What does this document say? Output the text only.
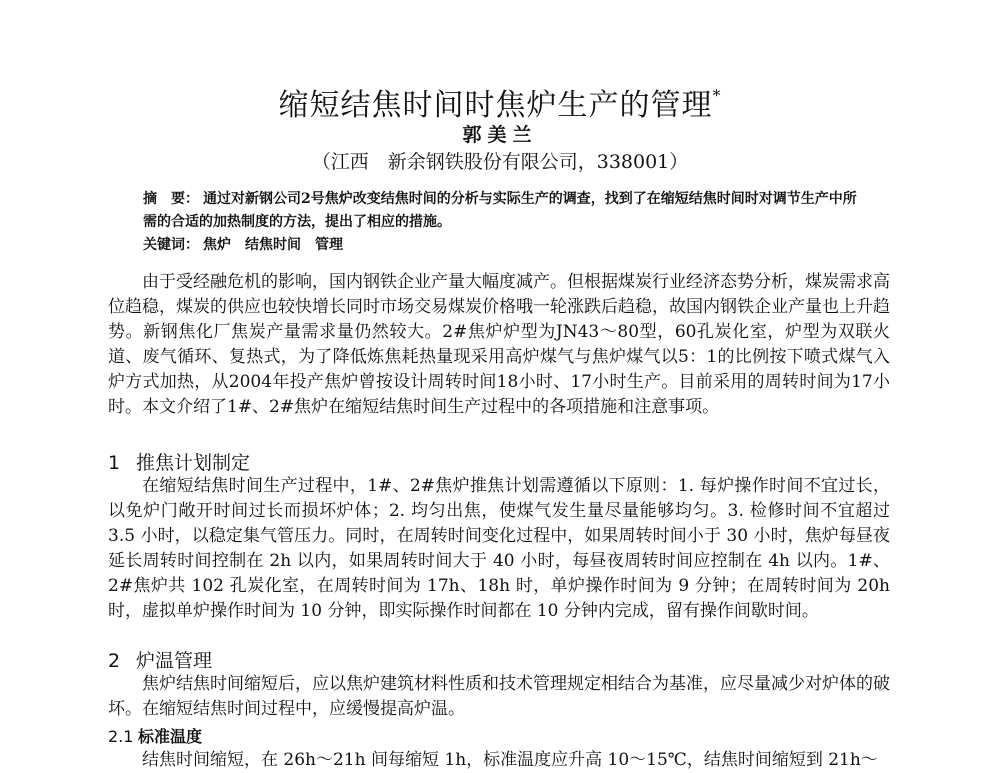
缩短结焦时间时焦炉生产的管理*
郭美兰
（江西　新余钢铁股份有限公司，338001）

摘　要： 通过对新钢公司2号焦炉改变结焦时间的分析与实际生产的调查，找到了在缩短结焦时间时对调节生产中所需的合适的加热制度的方法，提出了相应的措施。

关键词： 焦炉　结焦时间　管理

由于受经融危机的影响，国内钢铁企业产量大幅度减产。但根据煤炭行业经济态势分析，煤炭需求高位趋稳，煤炭的供应也较快增长同时市场交易煤炭价格哦一轮涨跌后趋稳，故国内钢铁企业产量也上升趋势。新钢焦化厂焦炭产量需求量仍然较大。2#焦炉炉型为JN43～80型，60孔炭化室，炉型为双联火道、废气循环、复热式，为了降低炼焦耗热量现采用高炉煤气与焦炉煤气以5：1的比例按下喷式煤气入炉方式加热，从2004年投产焦炉曾按设计周转时间18小时、17小时生产。目前采用的周转时间为17小时。本文介绍了1#、2#焦炉在缩短结焦时间生产过程中的各项措施和注意事项。

1 推焦计划制定

在缩短结焦时间生产过程中，1#、2#焦炉推焦计划需遵循以下原则：1. 每炉操作时间不宜过长，以免炉门敞开时间过长而损坏炉体；2. 均匀出焦，使煤气发生量尽量能够均匀。3. 检修时间不宜超过 3.5 小时，以稳定集气管压力。同时，在周转时间变化过程中，如果周转时间小于 30 小时，焦炉每昼夜延长周转时间控制在 2h 以内，如果周转时间大于 40 小时，每昼夜周转时间应控制在 4h 以内。1#、2#焦炉共 102 孔炭化室，在周转时间为 17h、18h 时，单炉操作时间为 9 分钟；在周转时间为 20h 时，虚拟单炉操作时间为 10 分钟，即实际操作时间都在 10 分钟内完成，留有操作间歇时间。

2 炉温管理

焦炉结焦时间缩短后，应以焦炉建筑材料性质和技术管理规定相结合为基准，应尽量减少对炉体的破坏。在缩短结焦时间过程中，应缓慢提高炉温。

2.1 标准温度

结焦时间缩短，在 26h～21h 间每缩短 1h，标准温度应升高 10～15℃，结焦时间缩短到 21h～
